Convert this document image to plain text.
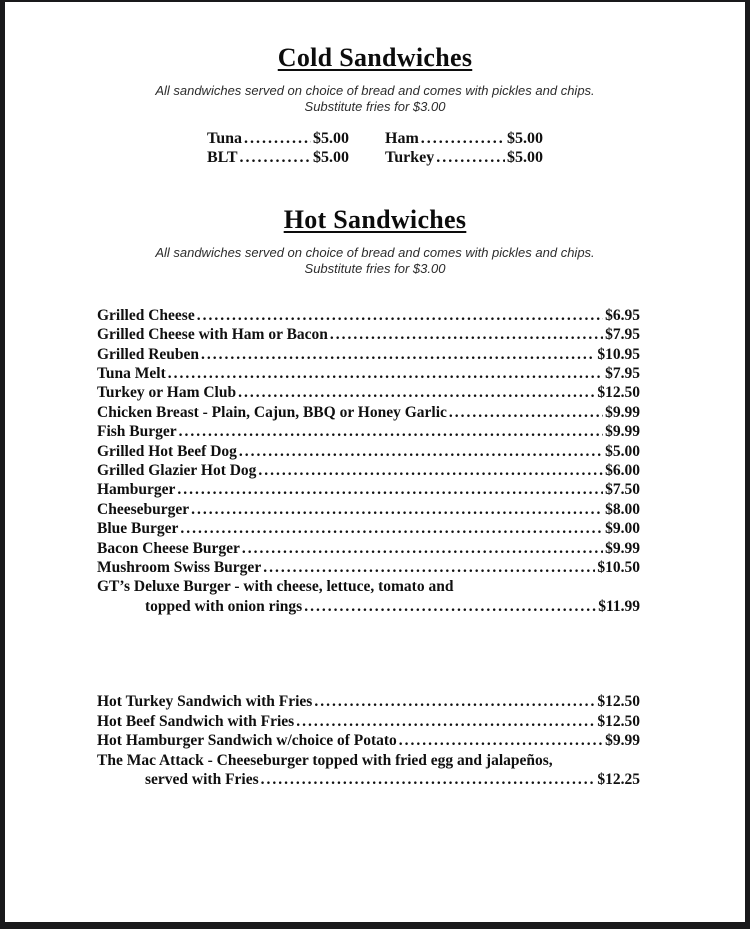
Cold Sandwiches
All sandwiches served on choice of bread and comes with pickles and chips.
Substitute fries for $3.00
Tuna .....	$5.00
BLT .....	$5.00
Ham .....	$5.00
Turkey .....	$5.00
Hot Sandwiches
All sandwiches served on choice of bread and comes with pickles and chips.
Substitute fries for $3.00
Grilled Cheese .....	$6.95
Grilled Cheese with Ham or Bacon .....	$7.95
Grilled Reuben .....	$10.95
Tuna Melt .....	$7.95
Turkey or Ham Club .....	$12.50
Chicken Breast - Plain, Cajun, BBQ or Honey Garlic .....	$9.99
Fish Burger .....	$9.99
Grilled Hot Beef Dog .....	$5.00
Grilled Glazier Hot Dog .....	$6.00
Hamburger .....	$7.50
Cheeseburger .....	$8.00
Blue Burger .....	$9.00
Bacon Cheese Burger .....	$9.99
Mushroom Swiss Burger .....	$10.50
GT’s Deluxe Burger - with cheese, lettuce, tomato and
topped with onion rings .....	$11.99
Hot Turkey Sandwich with Fries .....	$12.50
Hot Beef Sandwich with Fries .....	$12.50
Hot Hamburger Sandwich w/choice of Potato .....	$9.99
The Mac Attack - Cheeseburger topped with fried egg and jalapeños,
served with Fries .....	$12.25
